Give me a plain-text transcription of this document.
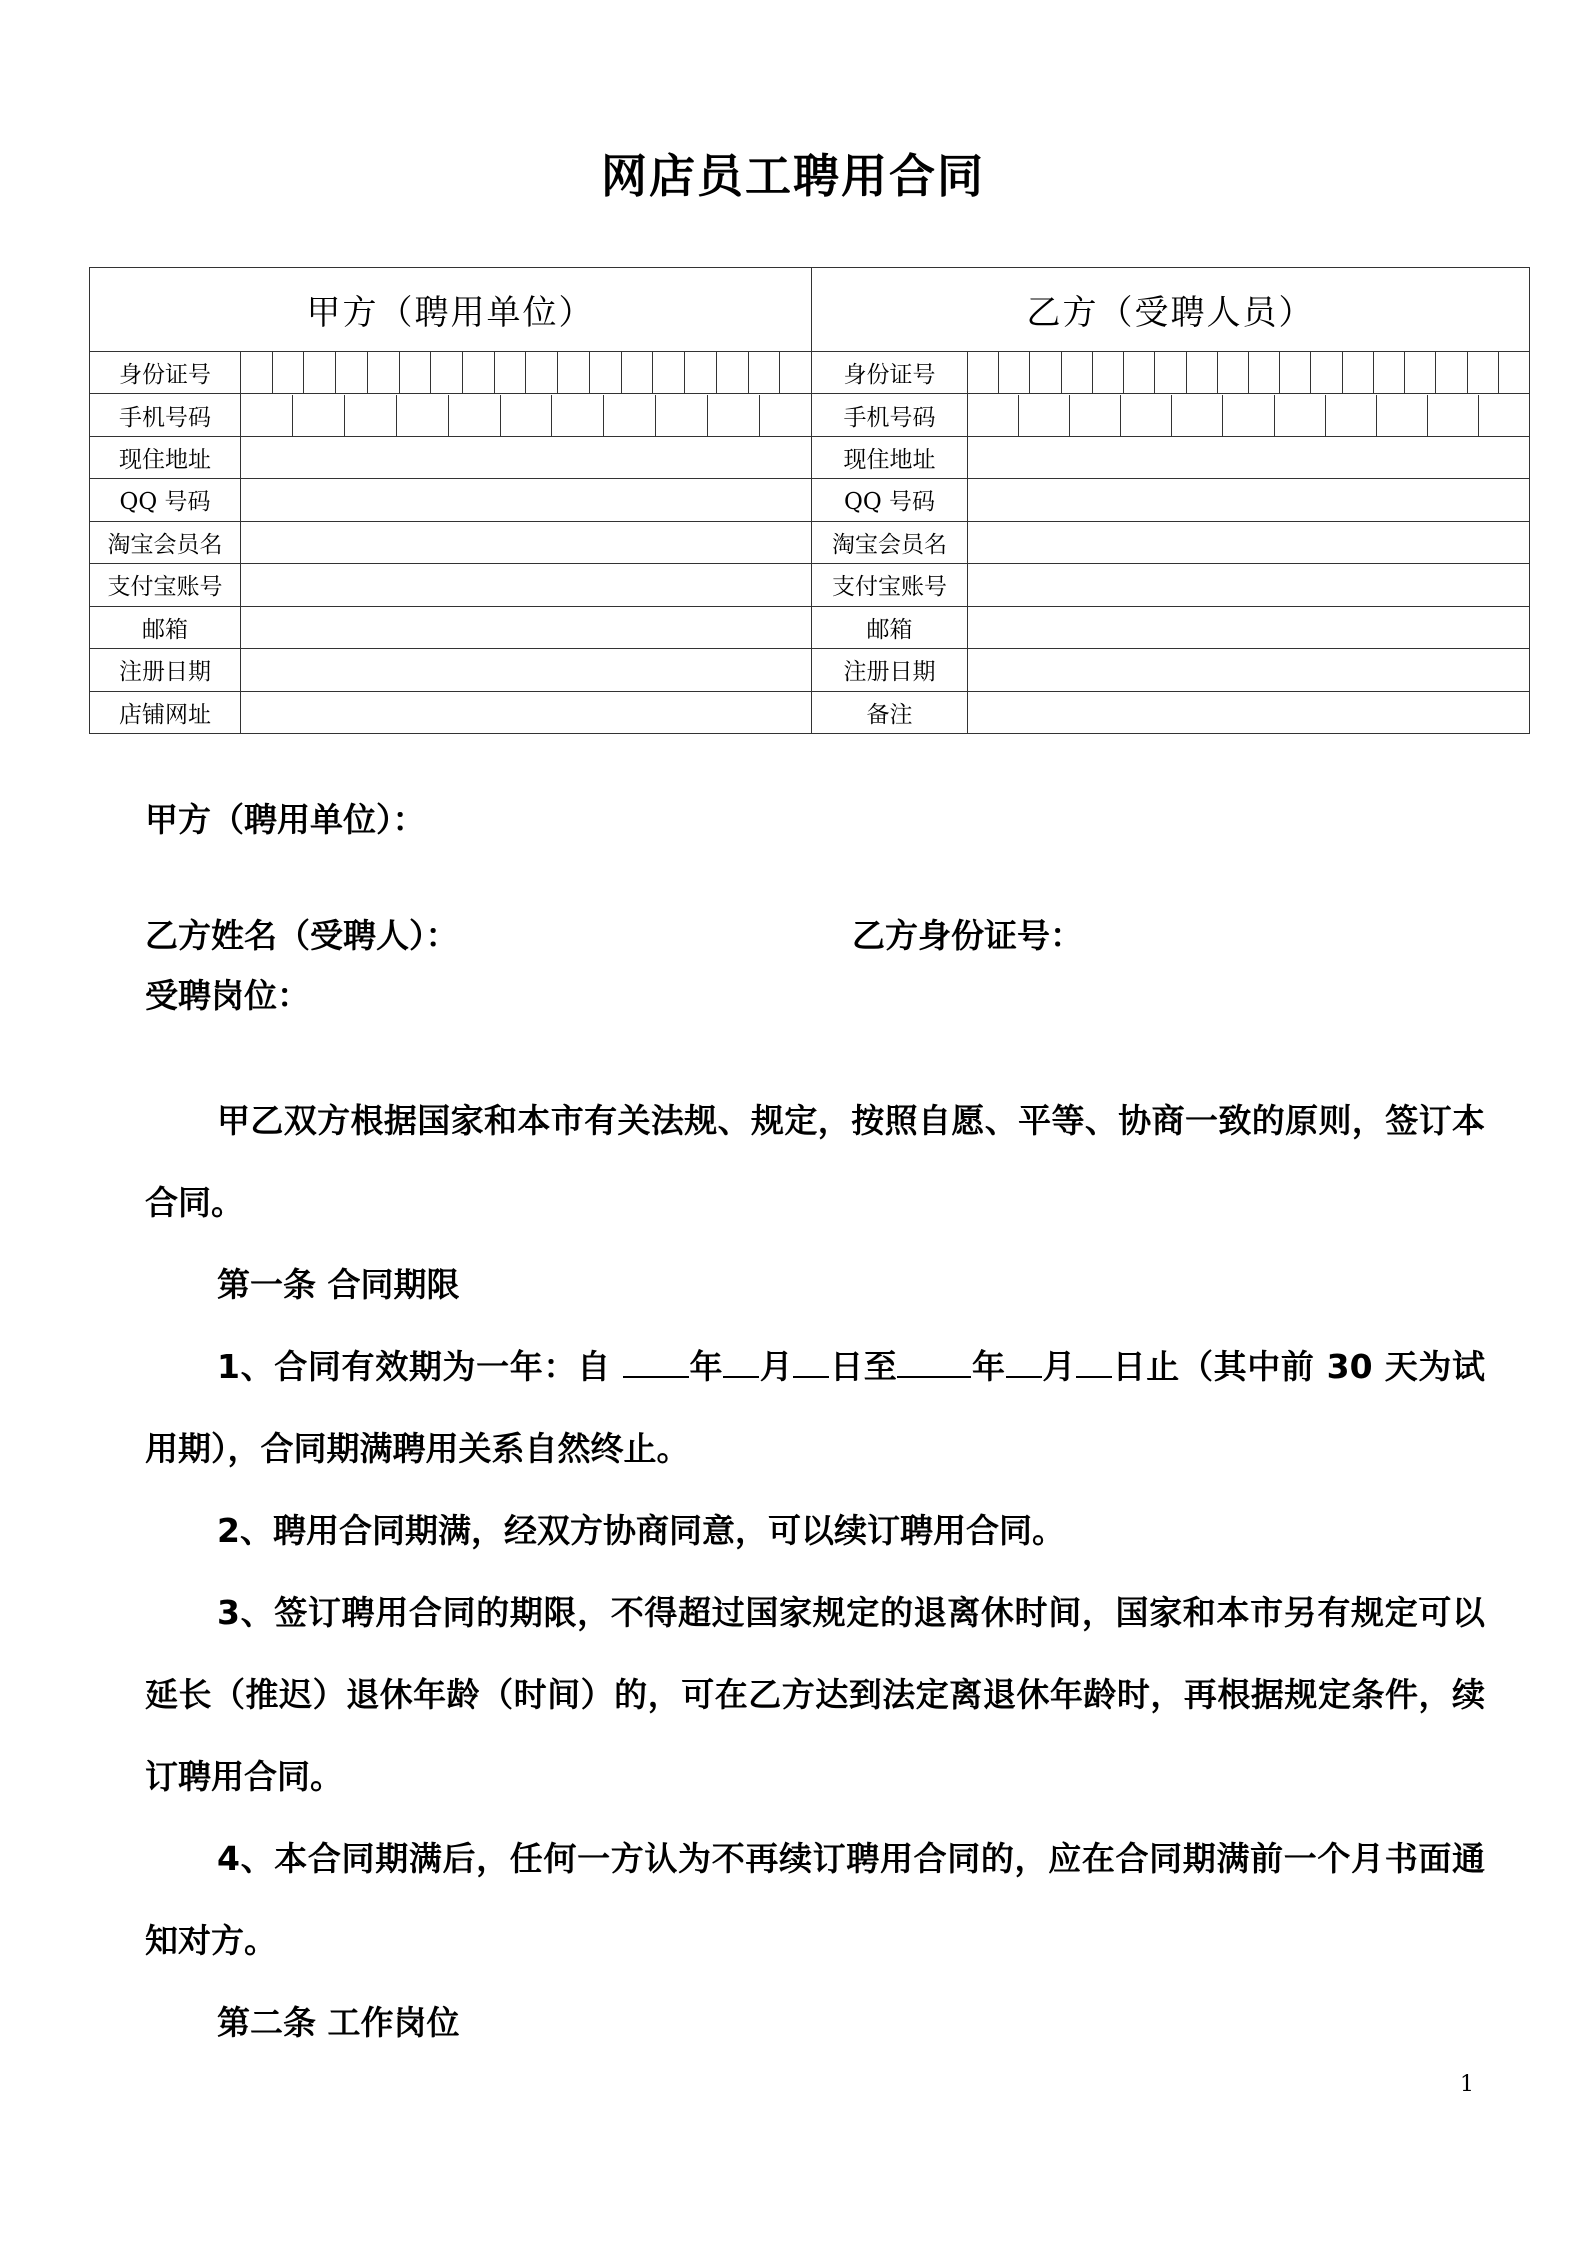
网店员工聘用合同
甲方（聘用单位）		乙方（受聘人员）	
身份证号		身份证号	

手机号码		手机号码	

现住地址		现住地址	
QQ 号码		QQ 号码	
淘宝会员名		淘宝会员名	
支付宝账号		支付宝账号	
邮箱		邮箱	
注册日期		注册日期	
店铺网址		备注	
甲方（聘用单位）：
乙方姓名（受聘人）：	乙方身份证号：
受聘岗位：
甲乙双方根据国家和本市有关法规、规定，按照自愿、平等、协商一致的原则，签订本合同。
第一条 合同期限
1、合同有效期为一年：自 年 月 日至 年 月 日止（其中前 30 天为试用期），合同期满聘用关系自然终止。
2、聘用合同期满，经双方协商同意，可以续订聘用合同。
3、签订聘用合同的期限，不得超过国家规定的退离休时间，国家和本市另有规定可以延长（推迟）退休年龄（时间）的，可在乙方达到法定离退休年龄时，再根据规定条件，续订聘用合同。
4、本合同期满后，任何一方认为不再续订聘用合同的，应在合同期满前一个月书面通知对方。
第二条 工作岗位
1
